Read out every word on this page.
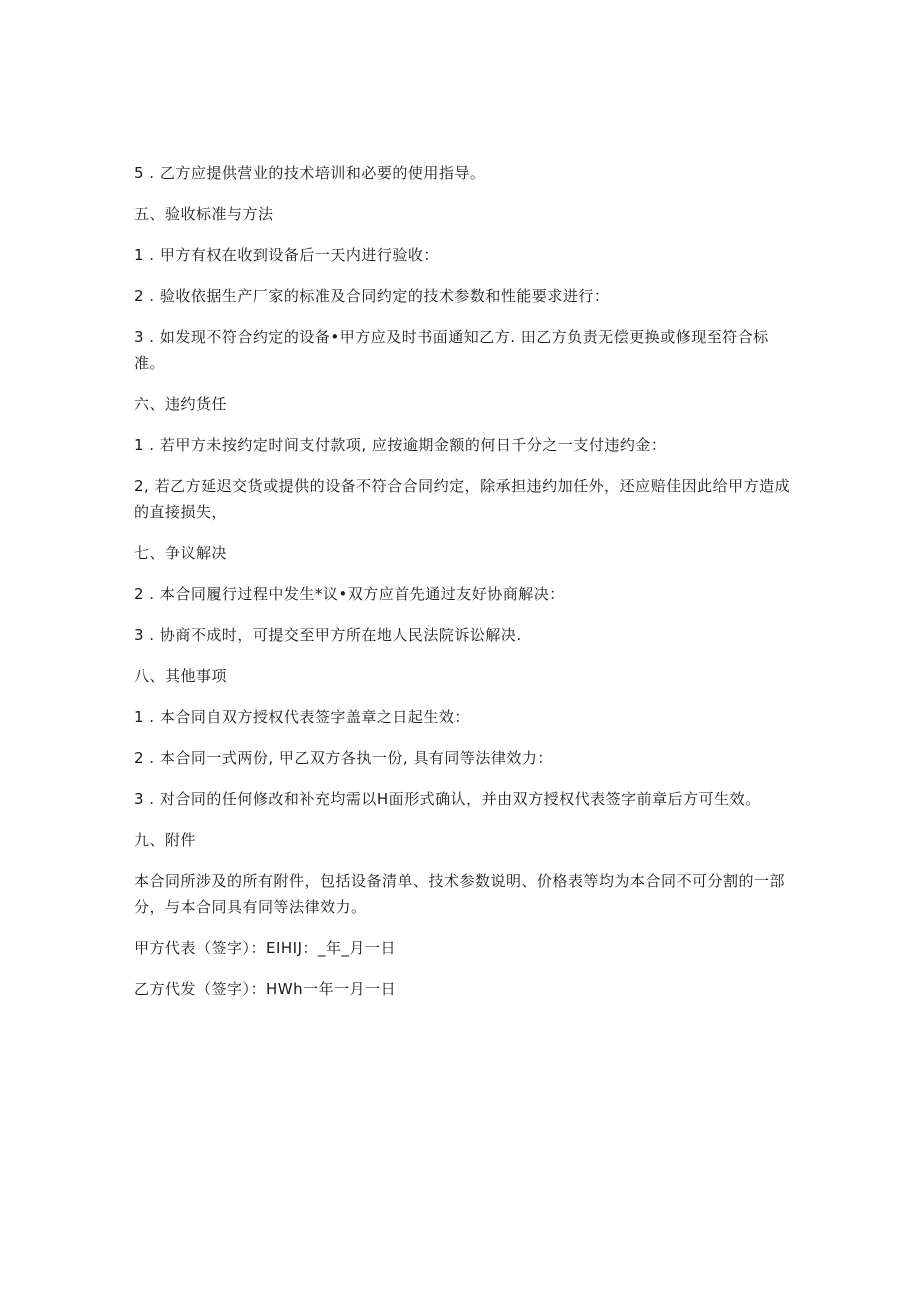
5 . 乙方应提供营业的技术培训和必要的使用指导。

五、验收标准与方法

1 . 甲方有权在收到设备后一天内进行验收：

2 . 验收依据生产厂家的标准及合同约定的技术参数和性能要求进行：

3 . 如发现不符合约定的设备•甲方应及时书面通知乙方. 田乙方负责无偿更换或修现至符合标准。

六、违约货任

1 . 若甲方未按约定时间支付款项, 应按逾期金额的何日千分之一支付违约金：

2, 若乙方延迟交货或提供的设备不符合合同约定，除承担违约加任外，还应赔佳因此给甲方造成的直接损失，

七、争议解决

2 . 本合同履行过程中发生*议•双方应首先通过友好协商解决：

3 . 协商不成时，可提交至甲方所在地人民法院诉讼解决.

八、其他事项

1 . 本合同自双方授权代表签字盖章之日起生效：

2 . 本合同一式两份, 甲乙双方各执一份, 具有同等法律效力：

3 . 对合同的任何修改和补充均需以H面形式确认，并由双方授权代表签字前章后方可生效。

九、附件

本合同所涉及的所有附件，包括设备清单、技术参数说明、价格表等均为本合同不可分割的一部分，与本合同具有同等法律效力。

甲方代表（签字）：EIHIJ：_年_月一日

乙方代发（签字）：HWh一年一月一日
